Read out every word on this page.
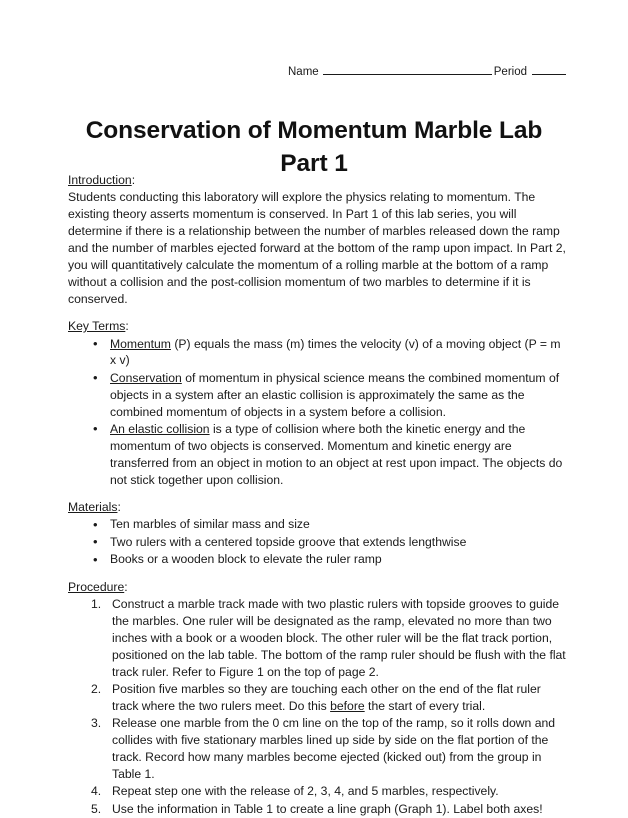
Name	Period
Conservation of Momentum Marble Lab
Part 1
Introduction:

Students conducting this laboratory will explore the physics relating to momentum. The existing theory asserts momentum is conserved. In Part 1 of this lab series, you will determine if there is a relationship between the number of marbles released down the ramp and the number of marbles ejected forward at the bottom of the ramp upon impact. In Part 2, you will quantitatively calculate the momentum of a rolling marble at the bottom of a ramp without a collision and the post-collision momentum of two marbles to determine if it is conserved.

Key Terms:
• Momentum (P) equals the mass (m) times the velocity (v) of a moving object (P = m x v)
• Conservation of momentum in physical science means the combined momentum of objects in a system after an elastic collision is approximately the same as the combined momentum of objects in a system before a collision.
• An elastic collision is a type of collision where both the kinetic energy and the momentum of two objects is conserved. Momentum and kinetic energy are transferred from an object in motion to an object at rest upon impact. The objects do not stick together upon collision.
Materials:
• Ten marbles of similar mass and size
• Two rulers with a centered topside groove that extends lengthwise
• Books or a wooden block to elevate the ruler ramp
Procedure:
Construct a marble track made with two plastic rulers with topside grooves to guide the marbles. One ruler will be designated as the ramp, elevated no more than two inches with a book or a wooden block. The other ruler will be the flat track portion, positioned on the lab table. The bottom of the ramp ruler should be flush with the flat track ruler. Refer to Figure 1 on the top of page 2.
Position five marbles so they are touching each other on the end of the flat ruler track where the two rulers meet. Do this before the start of every trial.
Release one marble from the 0 cm line on the top of the ramp, so it rolls down and collides with five stationary marbles lined up side by side on the flat portion of the track. Record how many marbles become ejected (kicked out) from the group in Table 1.
Repeat step one with the release of 2, 3, 4, and 5 marbles, respectively.
Use the information in Table 1 to create a line graph (Graph 1). Label both axes!
